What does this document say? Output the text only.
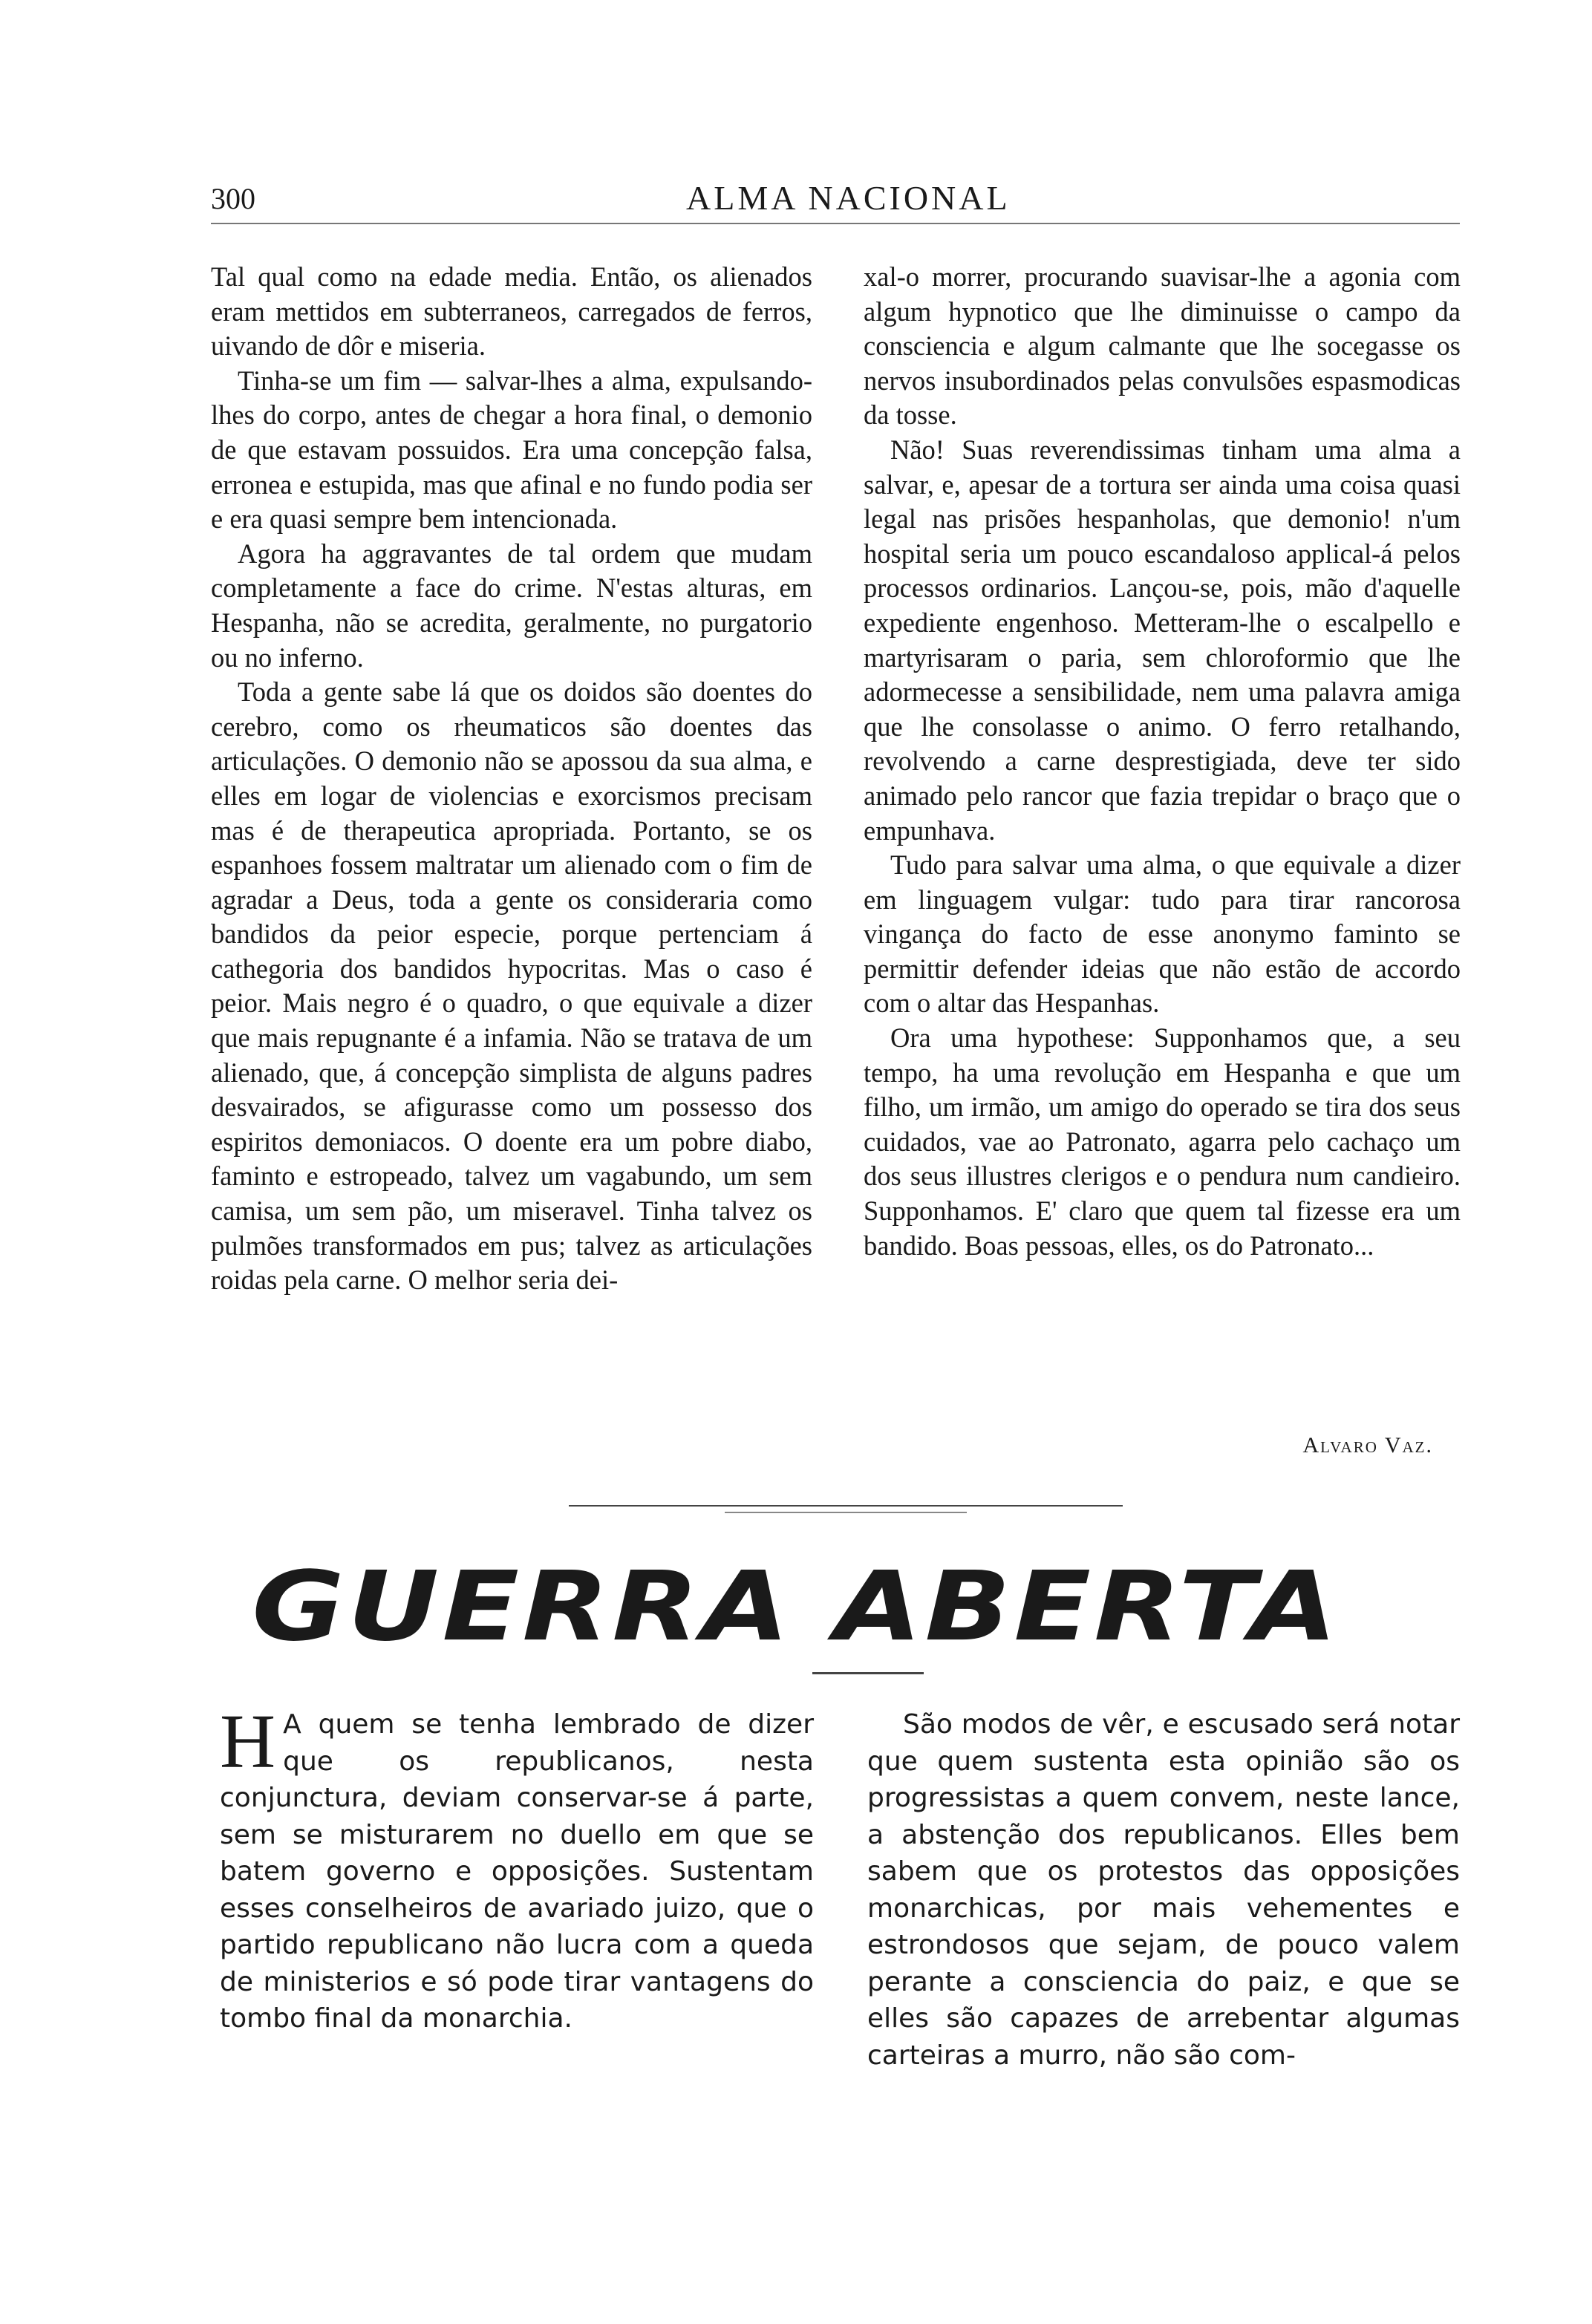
300	ALMA NACIONAL

Tal qual como na edade media. Então, os alienados eram mettidos em subterraneos, carregados de ferros, uivando de dôr e miseria.

Tinha-se um fim — salvar-lhes a alma, expulsando-lhes do corpo, antes de chegar a hora final, o demonio de que estavam possuidos. Era uma concepção falsa, erronea e estupida, mas que afinal e no fundo podia ser e era quasi sempre bem intencionada.

Agora ha aggravantes de tal ordem que mudam completamente a face do crime. N'estas alturas, em Hespanha, não se acredita, geralmente, no purgatorio ou no inferno.

Toda a gente sabe lá que os doidos são doentes do cerebro, como os rheumaticos são doentes das articulações. O demonio não se apossou da sua alma, e elles em logar de violencias e exorcismos precisam mas é de therapeutica apropriada. Portanto, se os espanhoes fossem maltratar um alienado com o fim de agradar a Deus, toda a gente os consideraria como bandidos da peior especie, porque pertenciam á cathegoria dos bandidos hypocritas. Mas o caso é peior. Mais negro é o quadro, o que equivale a dizer que mais repugnante é a infamia. Não se tratava de um alienado, que, á concepção simplista de alguns padres desvairados, se afigurasse como um possesso dos espiritos demoniacos. O doente era um pobre diabo, faminto e estropeado, talvez um vagabundo, um sem camisa, um sem pão, um miseravel. Tinha talvez os pulmões transformados em pus; talvez as articulações roidas pela carne. O melhor seria dei-

xal-o morrer, procurando suavisar-lhe a agonia com algum hypnotico que lhe diminuisse o campo da consciencia e algum calmante que lhe socegasse os nervos insubordinados pelas convulsões espasmodicas da tosse.

Não! Suas reverendissimas tinham uma alma a salvar, e, apesar de a tortura ser ainda uma coisa quasi legal nas prisões hespanholas, que demonio! n'um hospital seria um pouco escandaloso applical-á pelos processos ordinarios. Lançou-se, pois, mão d'aquelle expediente engenhoso. Metteram-lhe o escalpello e martyrisaram o paria, sem chloroformio que lhe adormecesse a sensibilidade, nem uma palavra amiga que lhe consolasse o animo. O ferro retalhando, revolvendo a carne desprestigiada, deve ter sido animado pelo rancor que fazia trepidar o braço que o empunhava.

Tudo para salvar uma alma, o que equivale a dizer em linguagem vulgar: tudo para tirar rancorosa vingança do facto de esse anonymo faminto se permittir defender ideias que não estão de accordo com o altar das Hespanhas.

Ora uma hypothese: Supponhamos que, a seu tempo, ha uma revolução em Hespanha e que um filho, um irmão, um amigo do operado se tira dos seus cuidados, vae ao Patronato, agarra pelo cachaço um dos seus illustres clerigos e o pendura num candieiro. Supponhamos. E' claro que quem tal fizesse era um bandido. Boas pessoas, elles, os do Patronato...

Alvaro Vaz.
GUERRA ABERTA

H A quem se tenha lembrado de dizer que os republicanos, nesta conjunctura, deviam conservar-se á parte, sem se misturarem no duello em que se batem governo e opposições. Sustentam esses conselheiros de avariado juizo, que o partido republicano não lucra com a queda de ministerios e só pode tirar vantagens do tombo final da monarchia.

São modos de vêr, e escusado será notar que quem sustenta esta opinião são os progressistas a quem convem, neste lance, a abstenção dos republicanos. Elles bem sabem que os protestos das opposições monarchicas, por mais vehementes e estrondosos que sejam, de pouco valem perante a consciencia do paiz, e que se elles são capazes de arrebentar algumas carteiras a murro, não são com-
